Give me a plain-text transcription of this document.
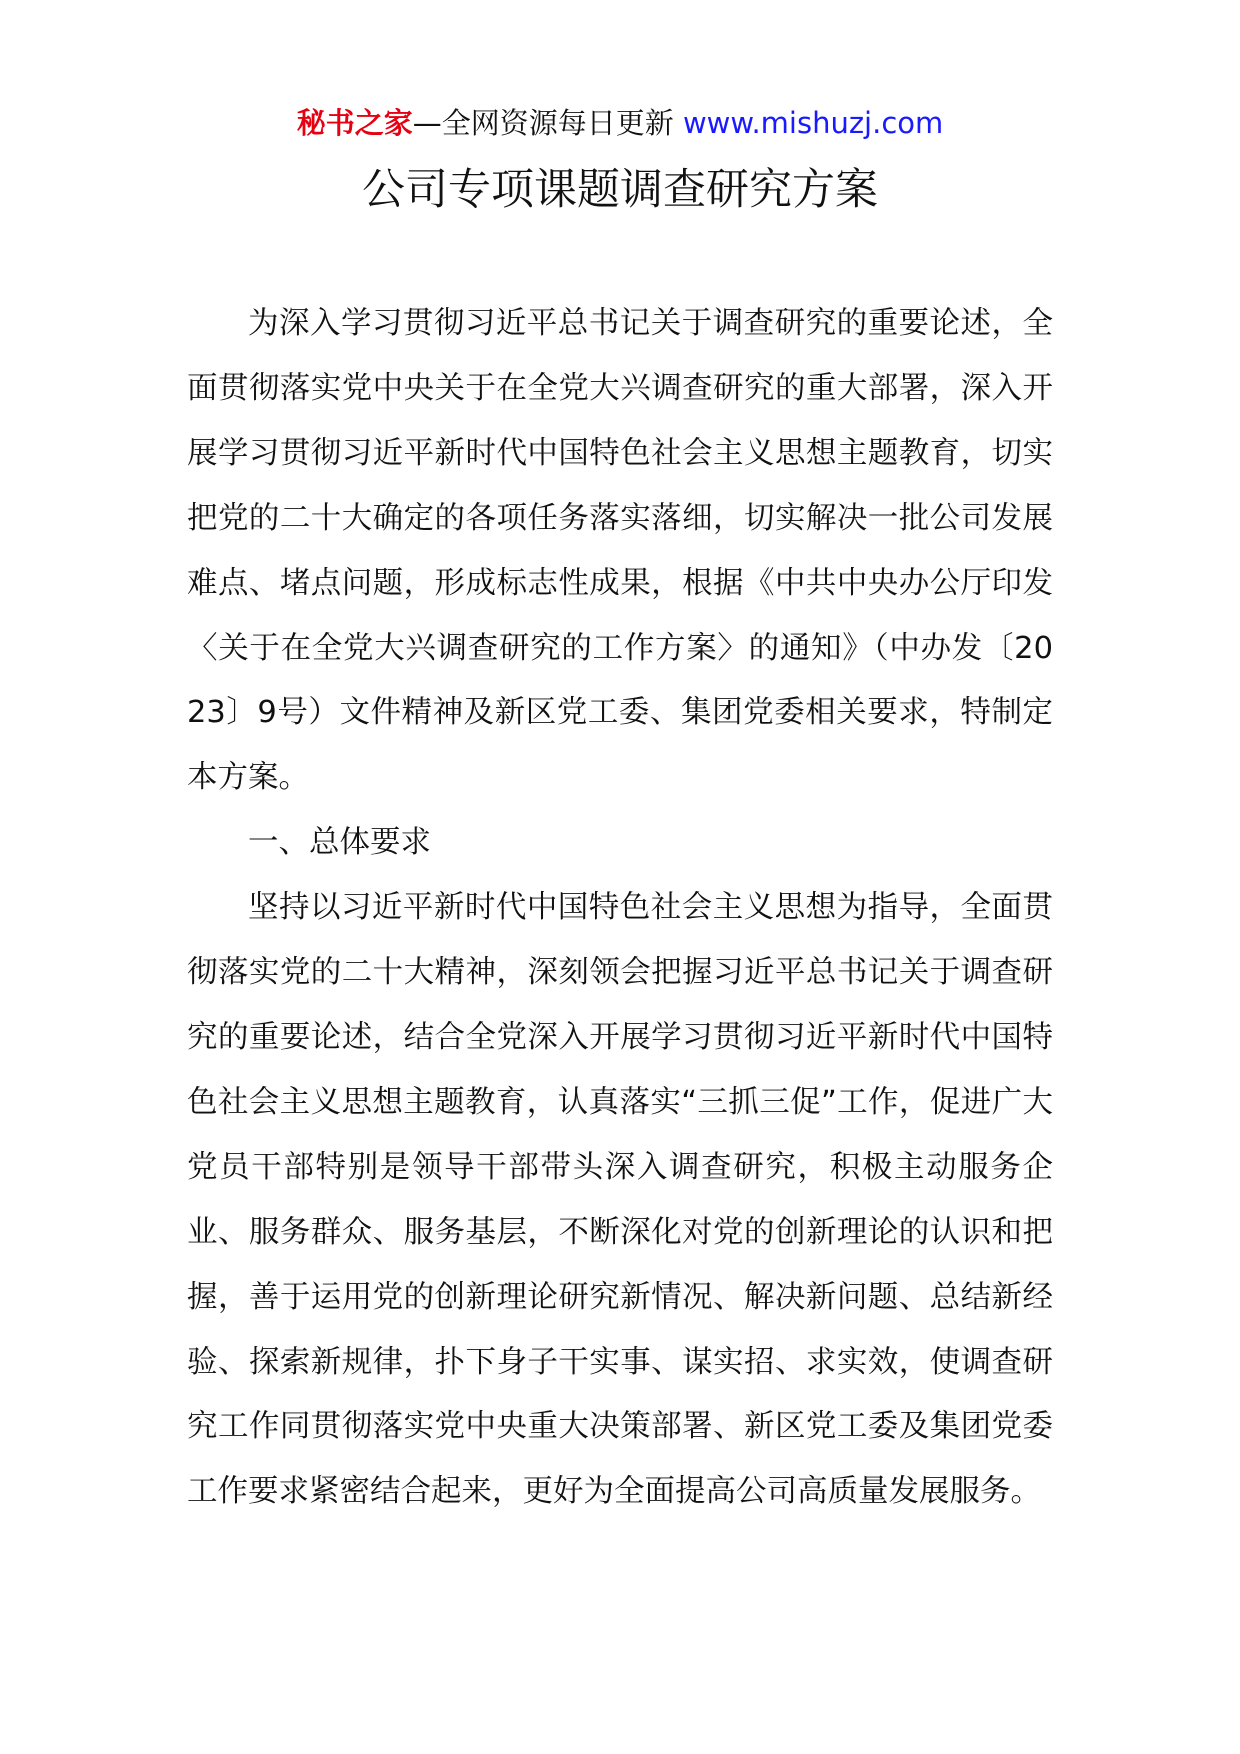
秘书之家—全网资源每日更新 www.mishuzj.com
公司专项课题调查研究方案

为深入学习贯彻习近平总书记关于调查研究的重要论述，全面贯彻落实党中央关于在全党大兴调查研究的重大部署，深入开展学习贯彻习近平新时代中国特色社会主义思想主题教育，切实把党的二十大确定的各项任务落实落细，切实解决一批公司发展难点、堵点问题，形成标志性成果，根据《中共中央办公厅印发〈关于在全党大兴调查研究的工作方案〉的通知》（中办发〔2023〕9号）文件精神及新区党工委、集团党委相关要求，特制定本方案。

一、总体要求

坚持以习近平新时代中国特色社会主义思想为指导，全面贯彻落实党的二十大精神，深刻领会把握习近平总书记关于调查研究的重要论述，结合全党深入开展学习贯彻习近平新时代中国特色社会主义思想主题教育，认真落实“三抓三促”工作，促进广大党员干部特别是领导干部带头深入调查研究，积极主动服务企业、服务群众、服务基层，不断深化对党的创新理论的认识和把握，善于运用党的创新理论研究新情况、解决新问题、总结新经验、探索新规律，扑下身子干实事、谋实招、求实效，使调查研究工作同贯彻落实党中央重大决策部署、新区党工委及集团党委工作要求紧密结合起来，更好为全面提高公司高质量发展服务。
